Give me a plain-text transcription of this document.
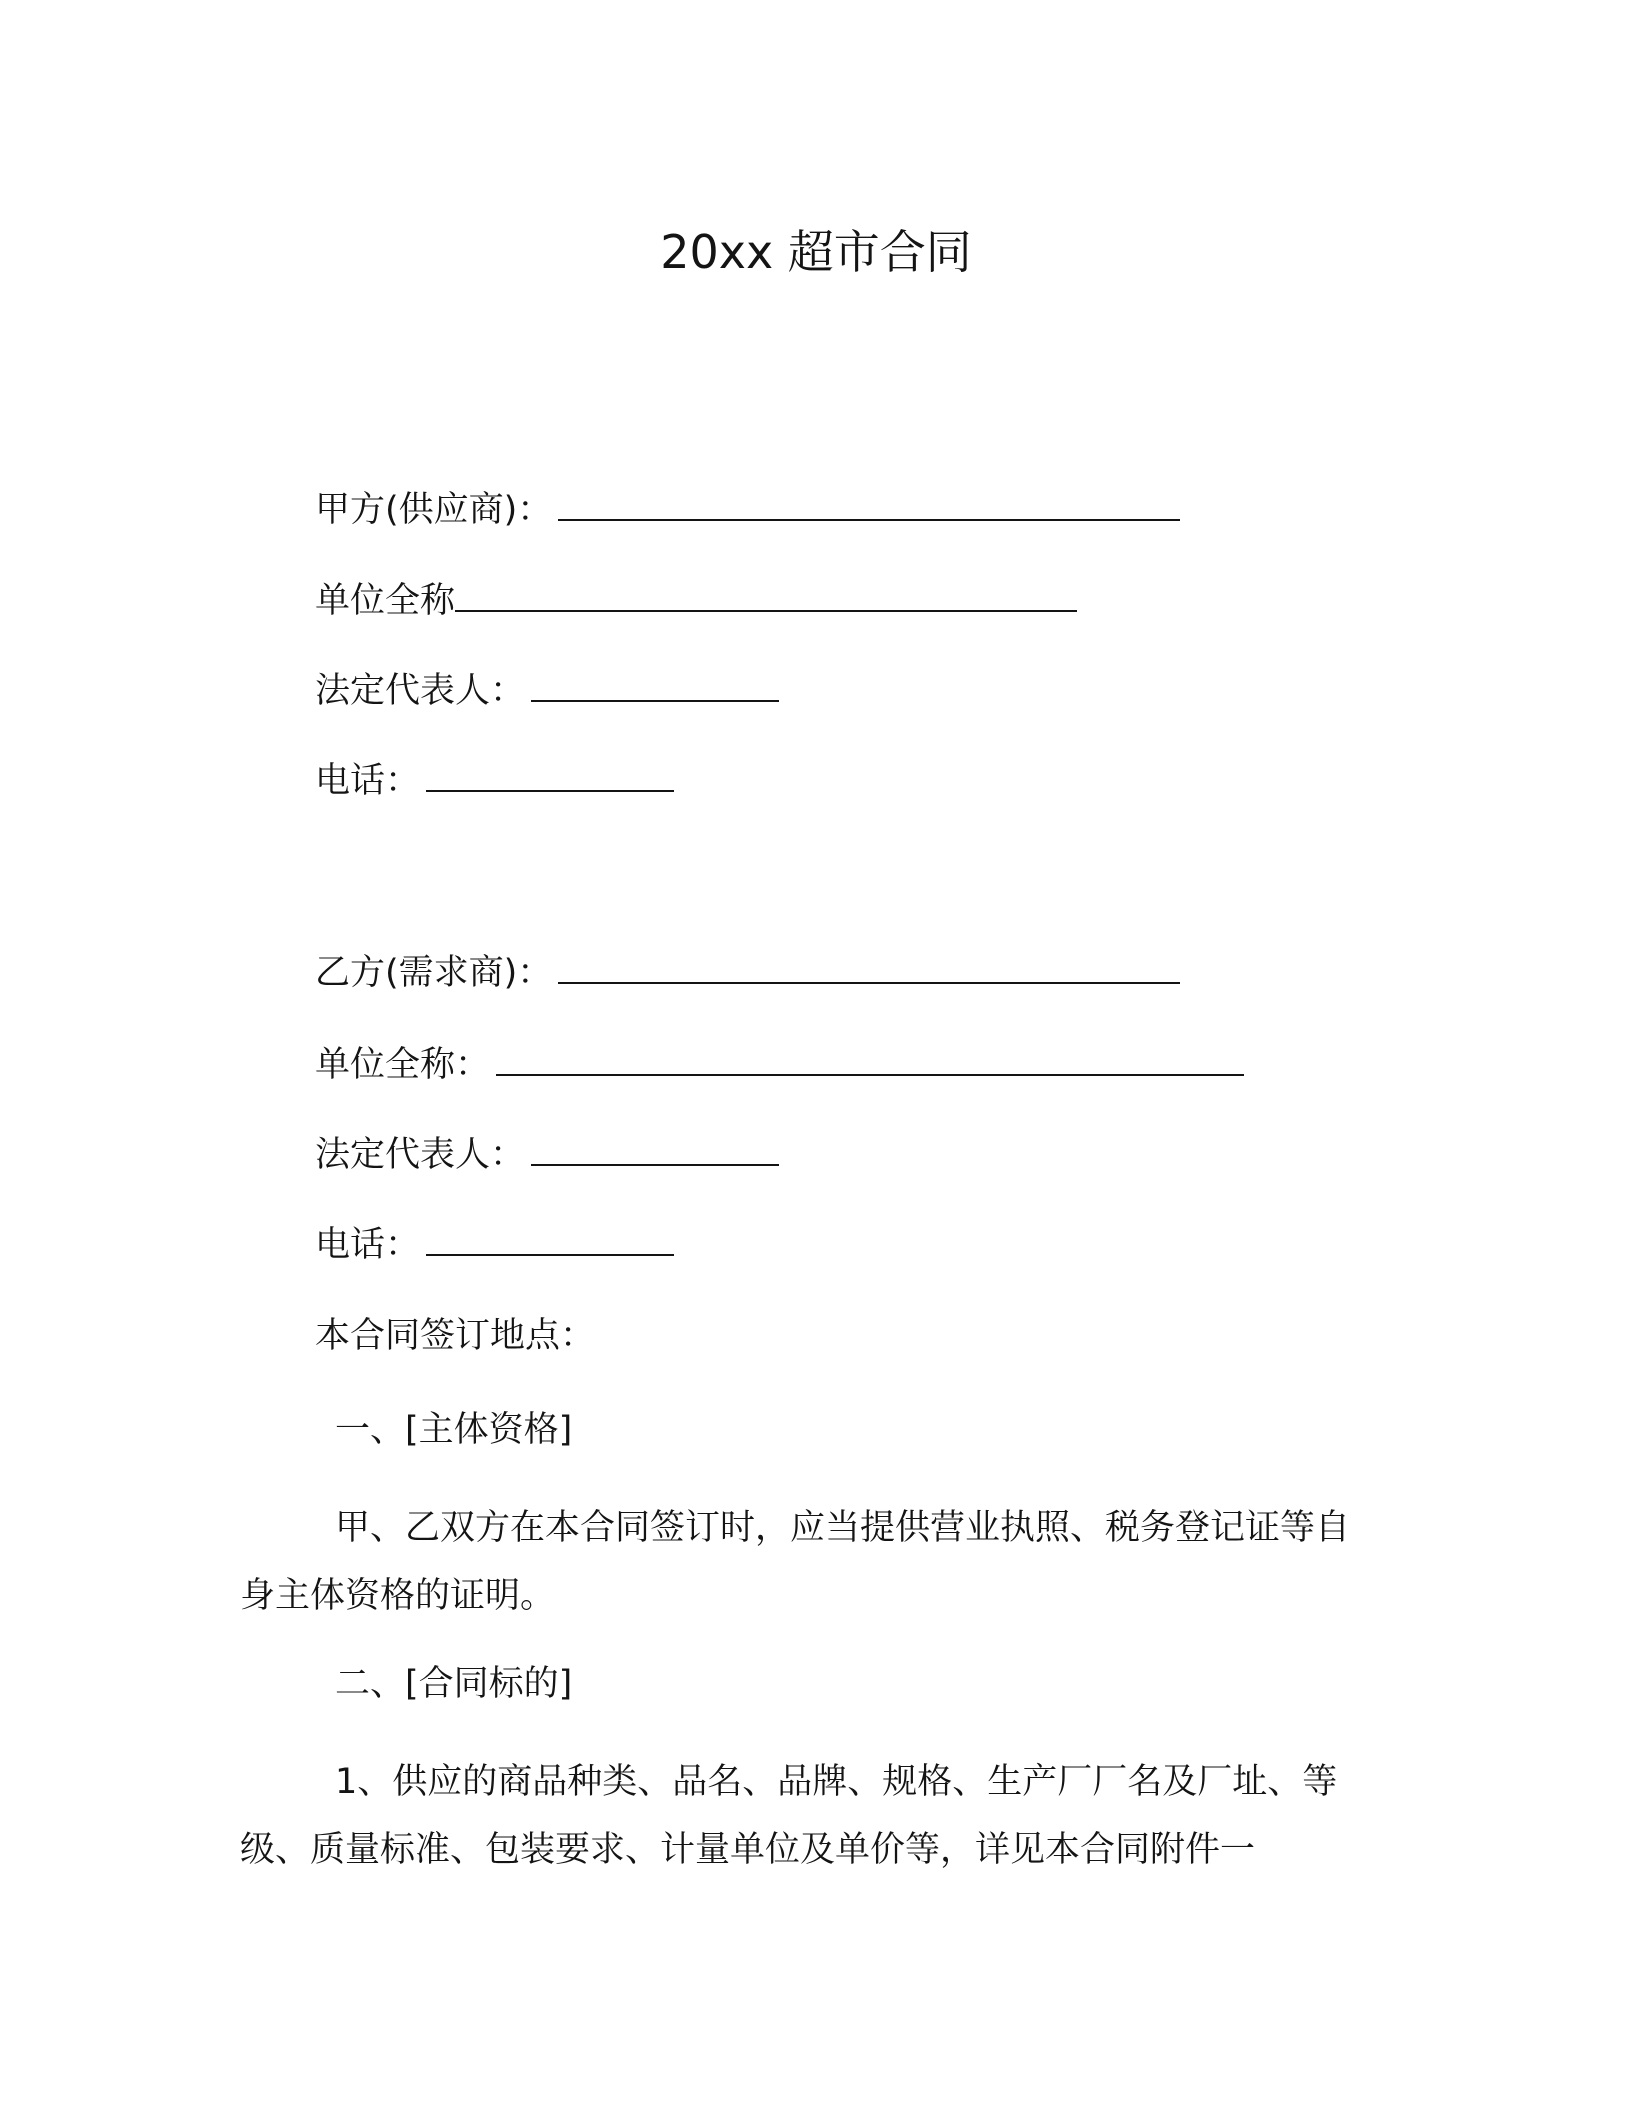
20xx 超市合同
甲方(供应商)：
单位全称
法定代表人：
电话：
乙方(需求商)：
单位全称：
法定代表人：
电话：
本合同签订地点：
一、[主体资格]

甲、乙双方在本合同签订时，应当提供营业执照、税务登记证等自身主体资格的证明。

二、[合同标的]

1、供应的商品种类、品名、品牌、规格、生产厂厂名及厂址、等级、质量标准、包装要求、计量单位及单价等，详见本合同附件一
